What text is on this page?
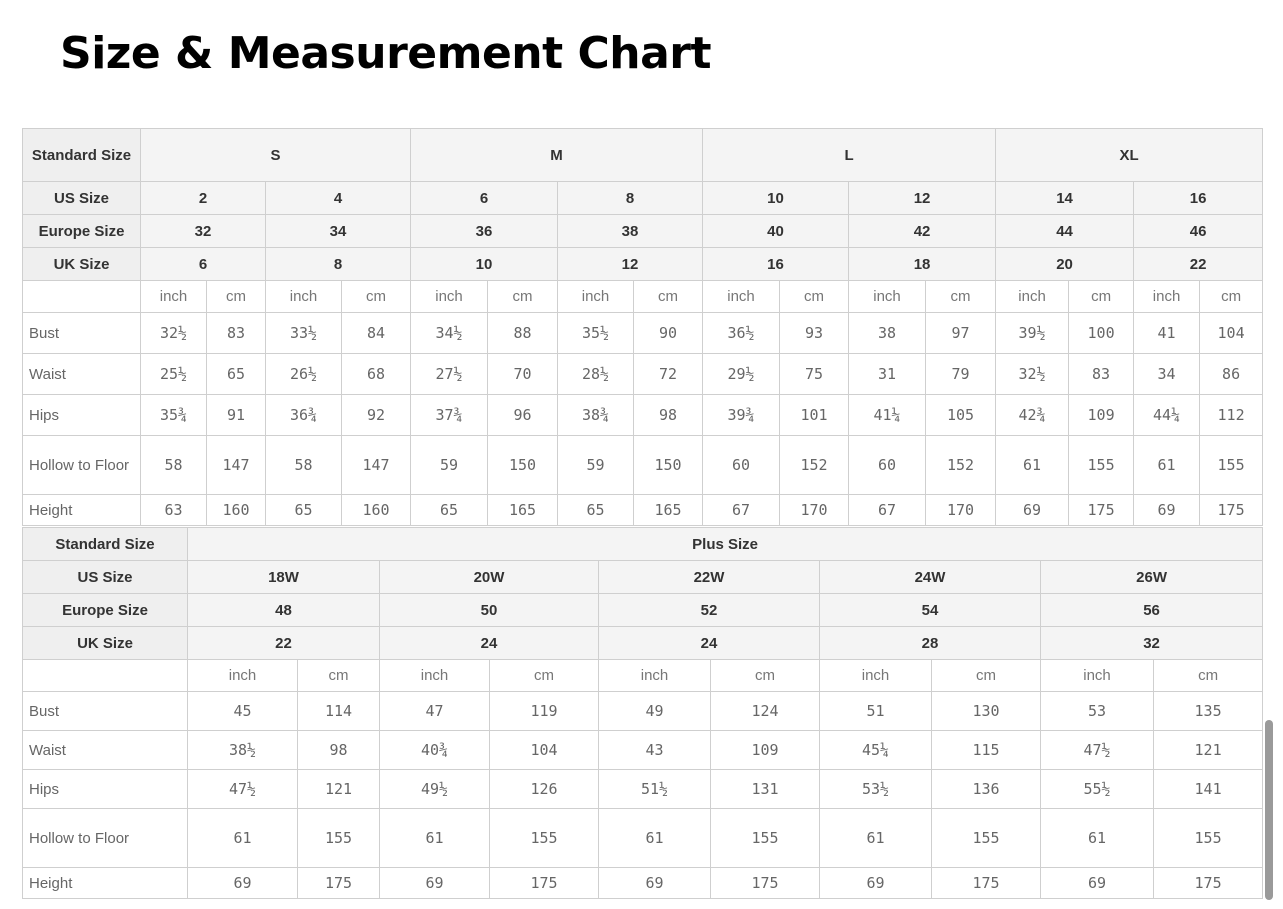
Size & Measurement Chart
Standard Size	S				M				L				XL			
US Size	2		4		6		8		10		12		14		16	
Europe Size	32		34		36		38		40		42		44		46	
UK Size	6		8		10		12		16		18		20		22	
	inch	cm	inch	cm	inch	cm	inch	cm	inch	cm	inch	cm	inch	cm	inch	cm
Bust	32½	83	33½	84	34½	88	35½	90	36½	93	38	97	39½	100	41	104
Waist	25½	65	26½	68	27½	70	28½	72	29½	75	31	79	32½	83	34	86
Hips	35¾	91	36¾	92	37¾	96	38¾	98	39¾	101	41¼	105	42¾	109	44¼	112
Hollow to Floor	58	147	58	147	59	150	59	150	60	152	60	152	61	155	61	155
Height	63	160	65	160	65	165	65	165	67	170	67	170	69	175	69	175
Standard Size	Plus Size									
US Size	18W		20W		22W		24W		26W	
Europe Size	48		50		52		54		56	
UK Size	22		24		24		28		32	
	inch	cm	inch	cm	inch	cm	inch	cm	inch	cm
Bust	45	114	47	119	49	124	51	130	53	135
Waist	38½	98	40¾	104	43	109	45¼	115	47½	121
Hips	47½	121	49½	126	51½	131	53½	136	55½	141
Hollow to Floor	61	155	61	155	61	155	61	155	61	155
Height	69	175	69	175	69	175	69	175	69	175
